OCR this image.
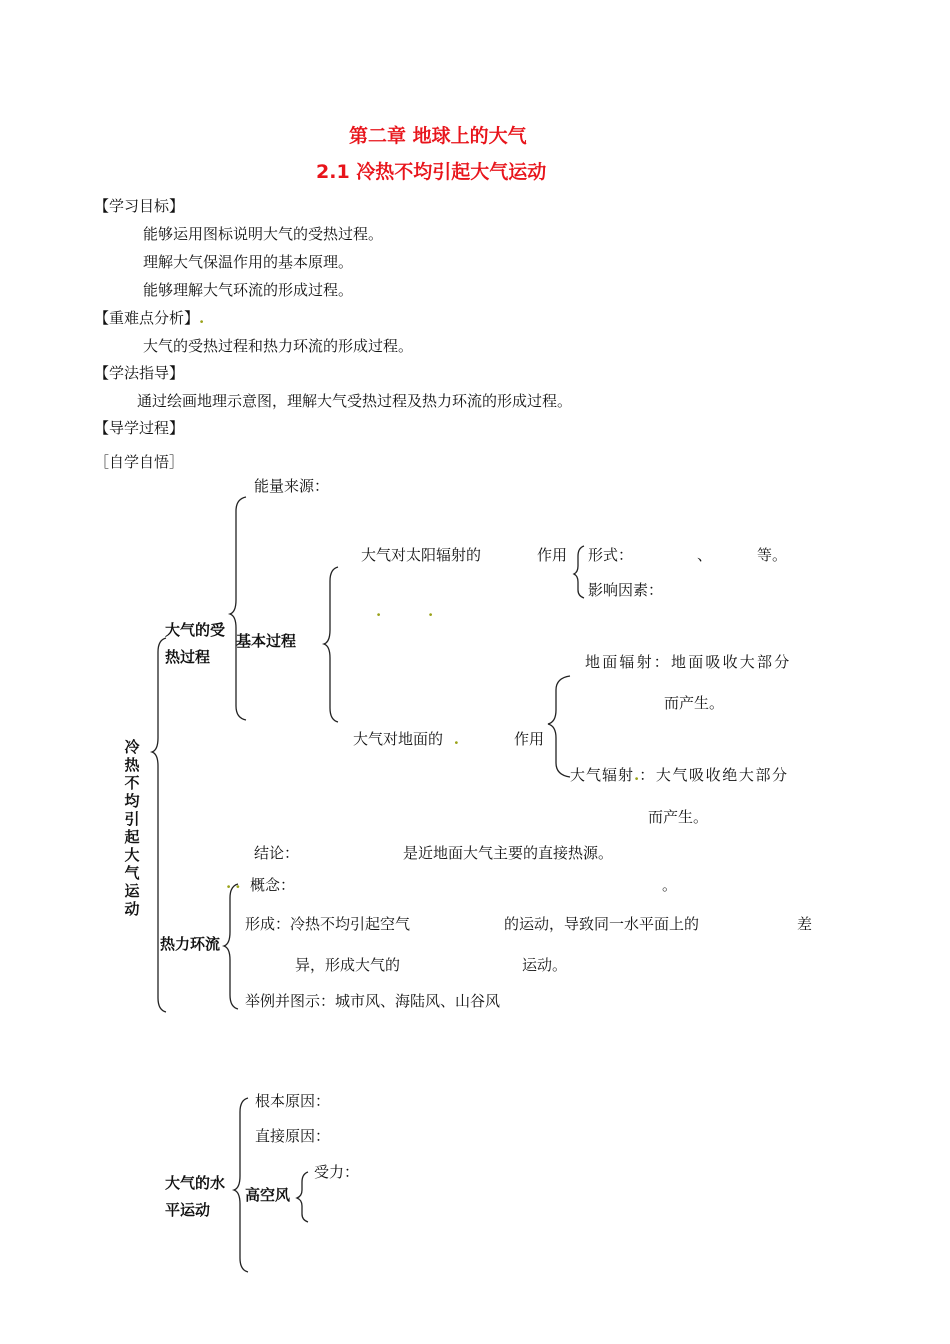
第二章 地球上的大气
2.1 冷热不均引起大气运动
【学习目标】
能够运用图标说明大气的受热过程。
理解大气保温作用的基本原理。
能够理解大气环流的形成过程。
【重难点分析】.
大气的受热过程和热力环流的形成过程。
【学法指导】
通过绘画地理示意图，理解大气受热过程及热力环流的形成过程。
【导学过程】
［自学自悟］
冷热不均引起大气运动
大气的受热过程
能量来源：
基本过程
大气对太阳辐射的	作用 形式：	、	等。
影响因素：
.	.
地面辐射：地面吸收大部分
而产生。
大气对地面的 .	作用
大气辐射.：大气吸收绝大部分
而产生。
结论：	是近地面大气主要的直接热源。
. . 概念：	。
热力环流
形成：冷热不均引起空气	的运动，导致同一水平面上的	差
异，形成大气的	运动。
举例并图示：城市风、海陆风、山谷风
根本原因：
直接原因：
受力：
大气的水
平运动
高空风
